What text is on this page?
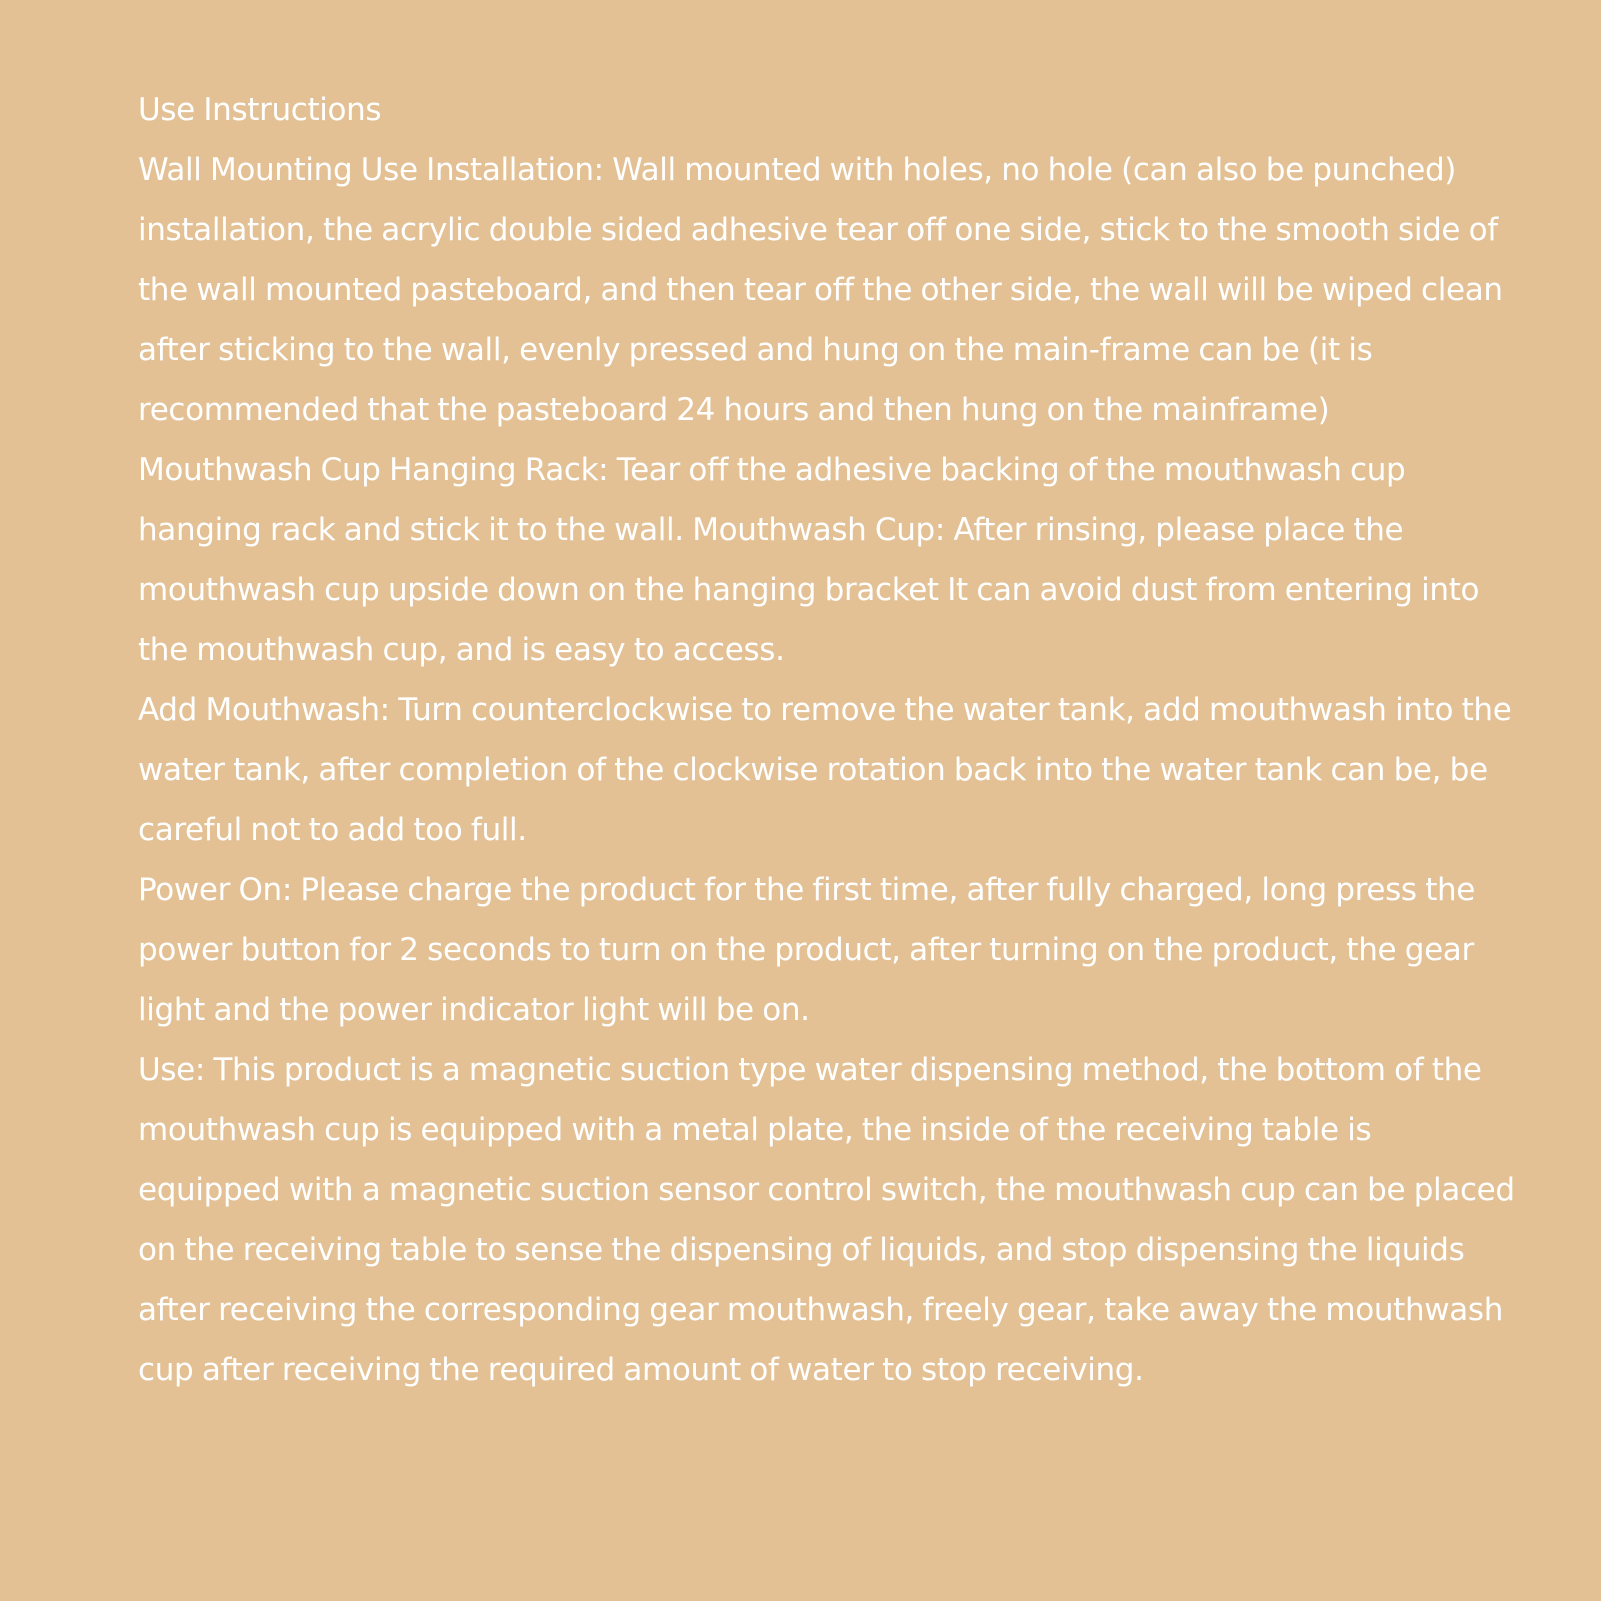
Use Instructions

Wall Mounting Use Installation: Wall mounted with holes, no hole (can also be punched) installation, the acrylic double sided adhesive tear off one side, stick to the smooth side of the wall mounted pasteboard, and then tear off the other side, the wall will be wiped clean after sticking to the wall, evenly pressed and hung on the main-frame can be (it is recommended that the pasteboard 24 hours and then hung on the mainframe)

Mouthwash Cup Hanging Rack: Tear off the adhesive backing of the mouthwash cup hanging rack and stick it to the wall. Mouthwash Cup: After rinsing, please place the mouthwash cup upside down on the hanging bracket It can avoid dust from entering into the mouthwash cup, and is easy to access.

Add Mouthwash: Turn counterclockwise to remove the water tank, add mouthwash into the water tank, after completion of the clockwise rotation back into the water tank can be, be careful not to add too full.

Power On: Please charge the product for the first time, after fully charged, long press the power button for 2 seconds to turn on the product, after turning on the product, the gear light and the power indicator light will be on.

Use: This product is a magnetic suction type water dispensing method, the bottom of the mouthwash cup is equipped with a metal plate, the inside of the receiving table is equipped with a magnetic suction sensor control switch, the mouthwash cup can be placed on the receiving table to sense the dispensing of liquids, and stop dispensing the liquids after receiving the corresponding gear mouthwash, freely gear, take away the mouthwash cup after receiving the required amount of water to stop receiving.
